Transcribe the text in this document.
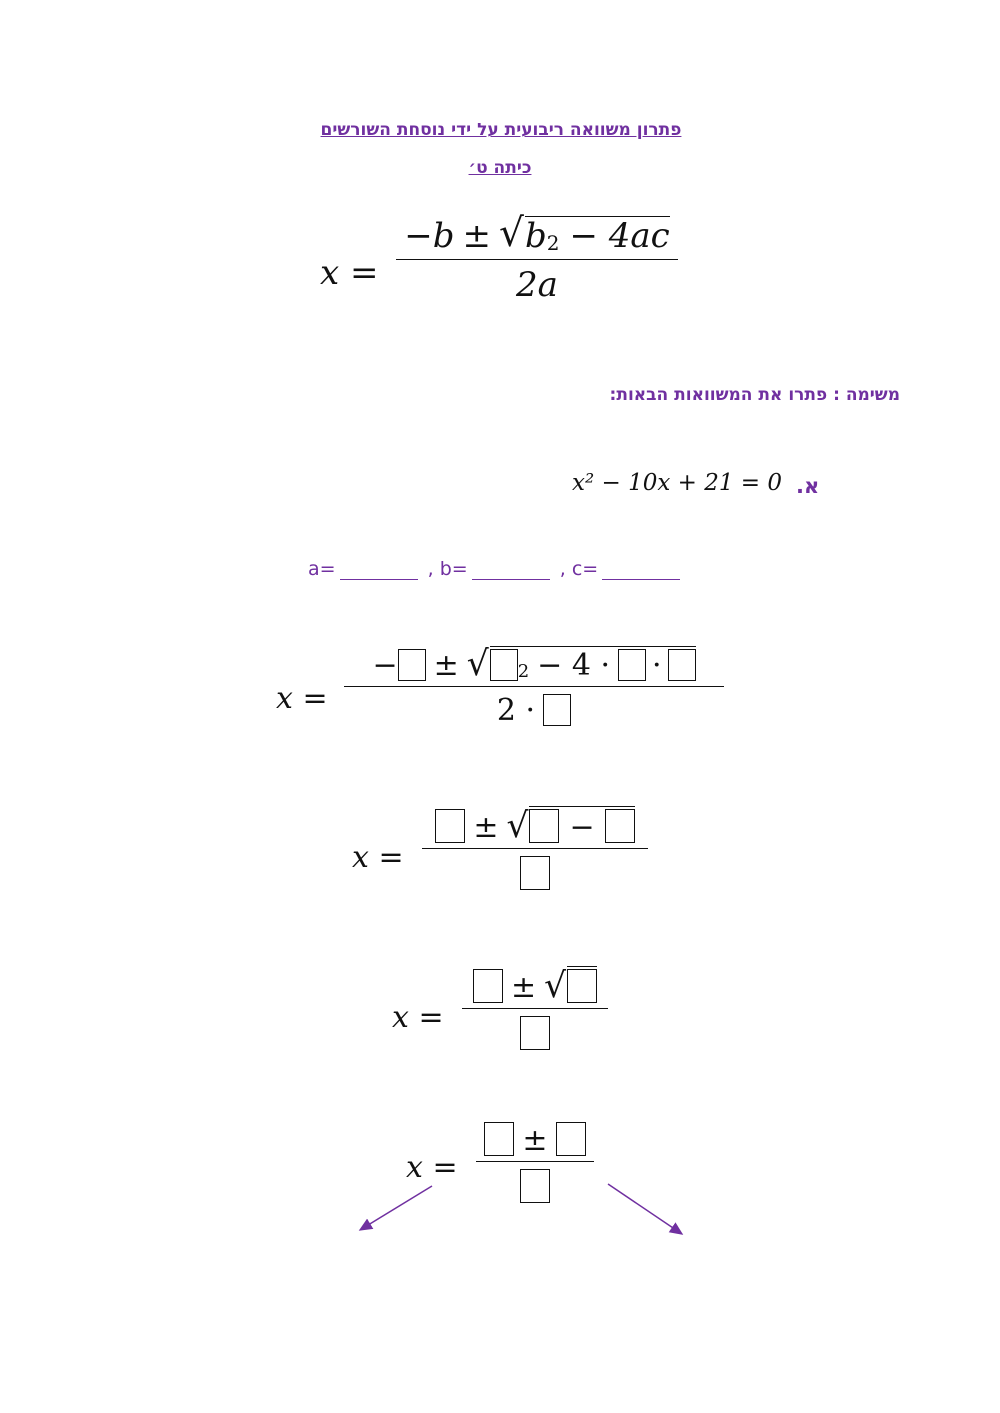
פתרון משוואה ריבועית על ידי נוסחת השורשים
כיתה ט׳
x =
−b ± √ $b_2 - 4ac$
2a
משימה : פתרו את המשוואות הבאות:
א.
x² − 10x + 21 = 0
a=	, b=	, c=
x =
− ± √ $_2$ − 4 · ·
2 ·
x =
± √ −
x =
± √
x =
±
